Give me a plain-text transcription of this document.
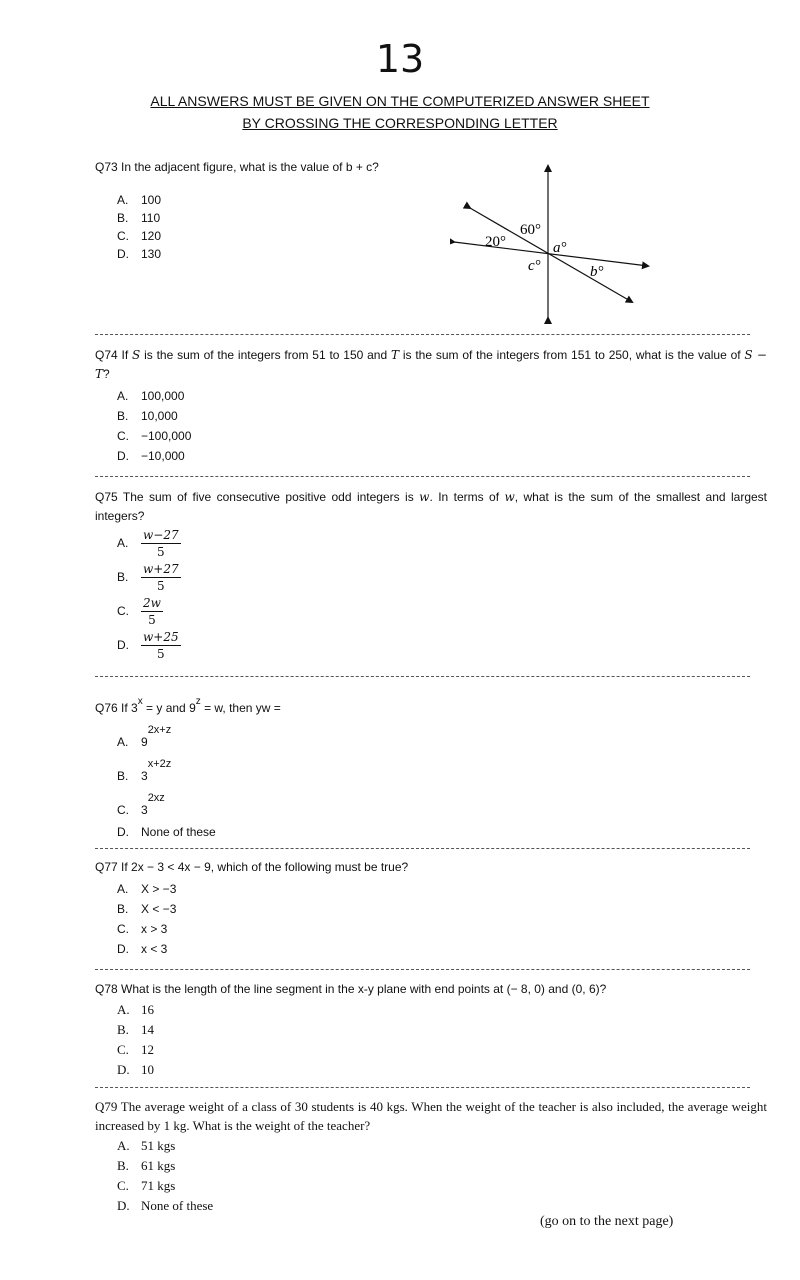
13
ALL ANSWERS MUST BE GIVEN ON THE COMPUTERIZED ANSWER SHEET
BY CROSSING THE CORRESPONDING LETTER
Q73 In the adjacent figure, what is the value of b + c?
A.	100
B.	110
C.	120
D.	130
60°
20°	a°
c°	b°
Q74 If S is the sum of the integers from 51 to 150 and T is the sum of the integers from 151 to 250, what is the value of S − T?
A.	100,000
B.	10,000
C.	−100,000
D.	−10,000
Q75 The sum of five consecutive positive odd integers is w. In terms of w, what is the sum of the smallest and largest integers?
A.	$\frac{w-27}{5}$
B.	$\frac{w+27}{5}$
C.	$\frac{2w}{5}$
D.	$\frac{w+25}{5}$
Q76 If $3^x = y$ and $9^z = w$, then yw =
A.	9
2x+z
B.	3
x+2z
C.	3
2xz
D.	None of these
Q77 If 2x − 3 < 4x − 9, which of the following must be true?
A.	X > −3
B.	X < −3
C.	x > 3
D.	x < 3
Q78 What is the length of the line segment in the x-y plane with end points at (− 8, 0) and (0, 6)?
A. 16
B. 14
C. 12
D. 10
Q79 The average weight of a class of 30 students is 40 kgs. When the weight of the teacher is also included, the average weight increased by 1 kg. What is the weight of the teacher?
A. 51 kgs
B. 61 kgs
C. 71 kgs
D. None of these
(go on to the next page)
